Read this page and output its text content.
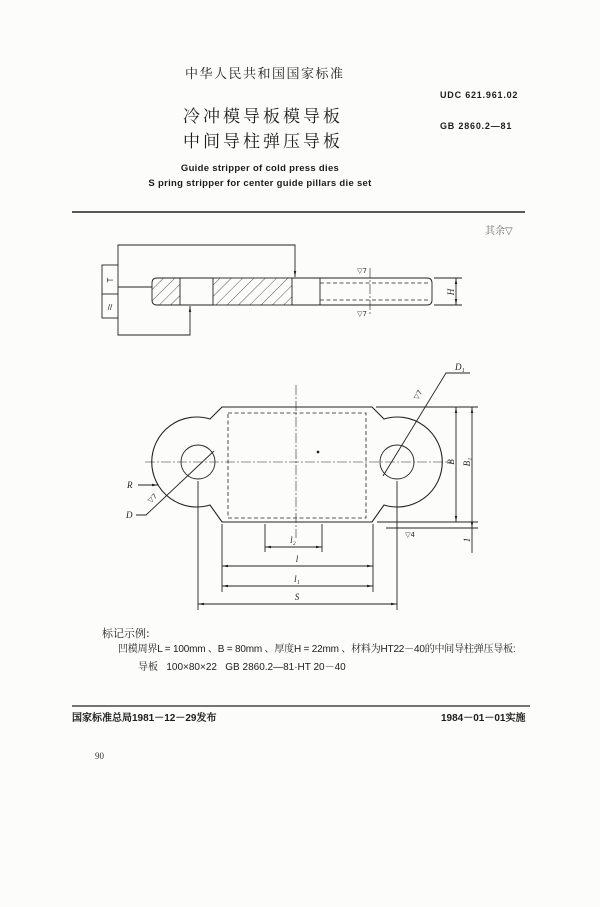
中华人民共和国国家标准
UDC 621.961.02
冷冲模导板模导板	GB 2860.2—81
中间导柱弹压导板
Guide stripper of cold press dies
S pring stripper for center guide pillars die set
其余▽
T
//
▽7
▽7
H
D₁
▽7
R
▽7
D
B B₁
1
▽4
l₂
l
l₁
S
标记示例:
凹模周界L = 100mm 、B = 80mm 、厚度H = 22mm 、材料为HT22－40的中间导柱弹压导板:
导板   100×80×22   GB 2860.2—81·HT 20－40
国家标准总局1981－12－29发布	1984－01－01实施
90
